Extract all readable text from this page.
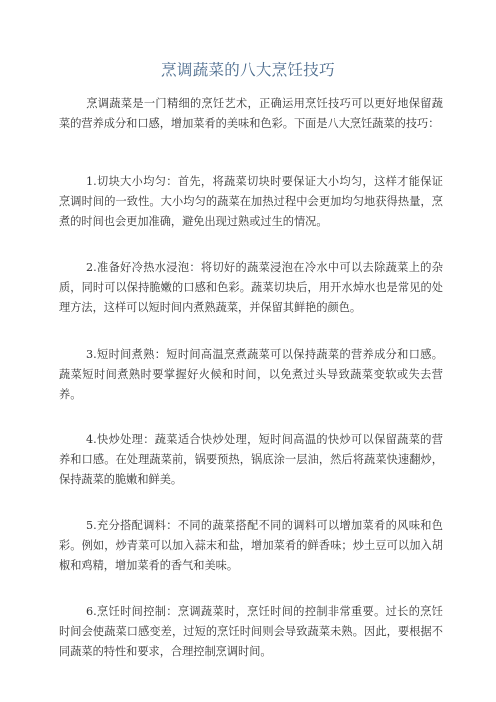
烹调蔬菜的八大烹饪技巧

烹调蔬菜是一门精细的烹饪艺术，正确运用烹饪技巧可以更好地保留蔬菜的营养成分和口感，增加菜肴的美味和色彩。下面是八大烹饪蔬菜的技巧：

1.切块大小均匀：首先，将蔬菜切块时要保证大小均匀，这样才能保证烹调时间的一致性。大小均匀的蔬菜在加热过程中会更加均匀地获得热量，烹煮的时间也会更加准确，避免出现过熟或过生的情况。

2.准备好冷热水浸泡：将切好的蔬菜浸泡在冷水中可以去除蔬菜上的杂质，同时可以保持脆嫩的口感和色彩。蔬菜切块后，用开水焯水也是常见的处理方法，这样可以短时间内煮熟蔬菜，并保留其鲜艳的颜色。

3.短时间煮熟：短时间高温烹煮蔬菜可以保持蔬菜的营养成分和口感。蔬菜短时间煮熟时要掌握好火候和时间，以免煮过头导致蔬菜变软或失去营养。

4.快炒处理：蔬菜适合快炒处理，短时间高温的快炒可以保留蔬菜的营养和口感。在处理蔬菜前，锅要预热，锅底涂一层油，然后将蔬菜快速翻炒，保持蔬菜的脆嫩和鲜美。

5.充分搭配调料：不同的蔬菜搭配不同的调料可以增加菜肴的风味和色彩。例如，炒青菜可以加入蒜末和盐，增加菜肴的鲜香味；炒土豆可以加入胡椒和鸡精，增加菜肴的香气和美味。

6.烹饪时间控制：烹调蔬菜时，烹饪时间的控制非常重要。过长的烹饪时间会使蔬菜口感变差，过短的烹饪时间则会导致蔬菜未熟。因此，要根据不同蔬菜的特性和要求，合理控制烹调时间。
